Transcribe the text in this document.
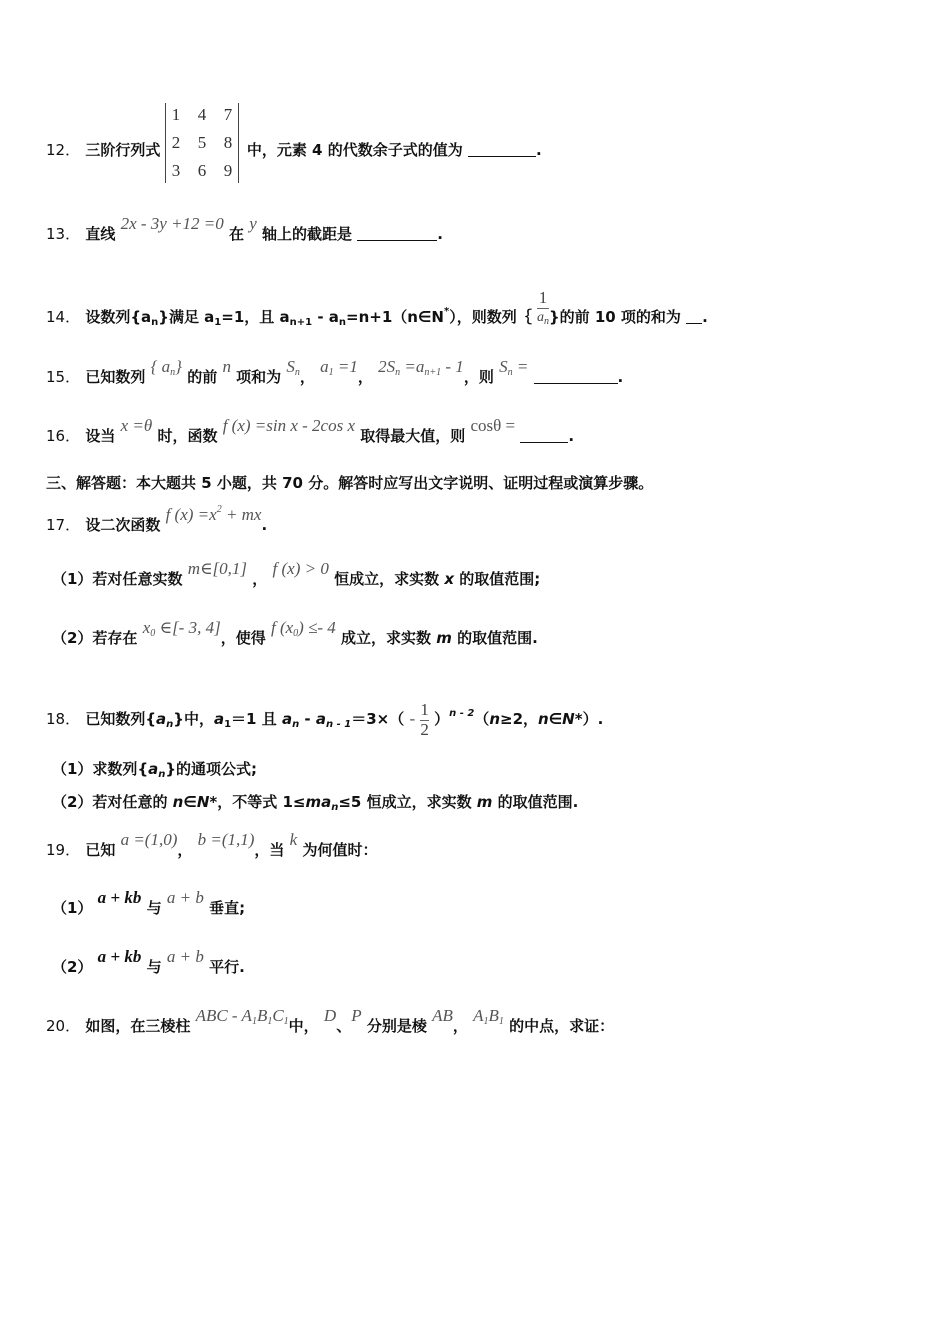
12． 三阶行列式	中，元素 4 的代数余子式的值为	.
1	4	7
2	5	8
3	6	9
13． 直线 2x - 3y +12 =0 在 y 轴上的截距是	.
14． 设数列$\{a_n\}$满足 $a_1=1$，且 $a_{n+1}$ - $a_n=n+1(n\in N^*)$，则数列｛ $\frac{1}{a_n}$ }的前 10 项的和为 .
15． 已知数列 { $a_n$} 的前 n 项和为 $S_n$， $a_1 =1$， $2S_n =a_{n+1} - 1$，则 $S_n$ = .
16． 设当 x =θ 时，函数 f (x) =sin x - 2cos x 取得最大值，则 cosθ = .
三、解答题：本大题共 5 小题，共 70 分。解答时应写出文字说明、证明过程或演算步骤。
17． 设二次函数 f $(x) =x^2$ + mx.
（1）若对任意实数 m∈[0,1] ， f (x) > 0 恒成立，求实数 x 的取值范围;
（2）若存在 $x_0$ ∈[- 3, 4]，使得 f $(x_0) \le- 4$ 成立，求实数 m 的取值范围.
18． 已知数列$\{a_n\}$中，$a_1=1$ 且 $a_n - a_{n - 1}=3\times( - \frac{1}{2} )^{n - 2}(n\ge 2$，n∈N*）.
（1）求数列$\{a_n\}$的通项公式;
（2）若对任意的 n∈N*，不等式 $1\le ma_n\le 5$ 恒成立，求实数 m 的取值范围.
19． 已知 a =(1,0)， b =(1,1)，当 k 为何值时：
（1） a + kb 与 a + b 垂直;
（2） a + kb 与 a + b 平行.
20． 如图，在三棱柱 ABC - $A_1B_1C_1$中， D、P 分别是棱 AB， $A_1B_1$ 的中点，求证：
